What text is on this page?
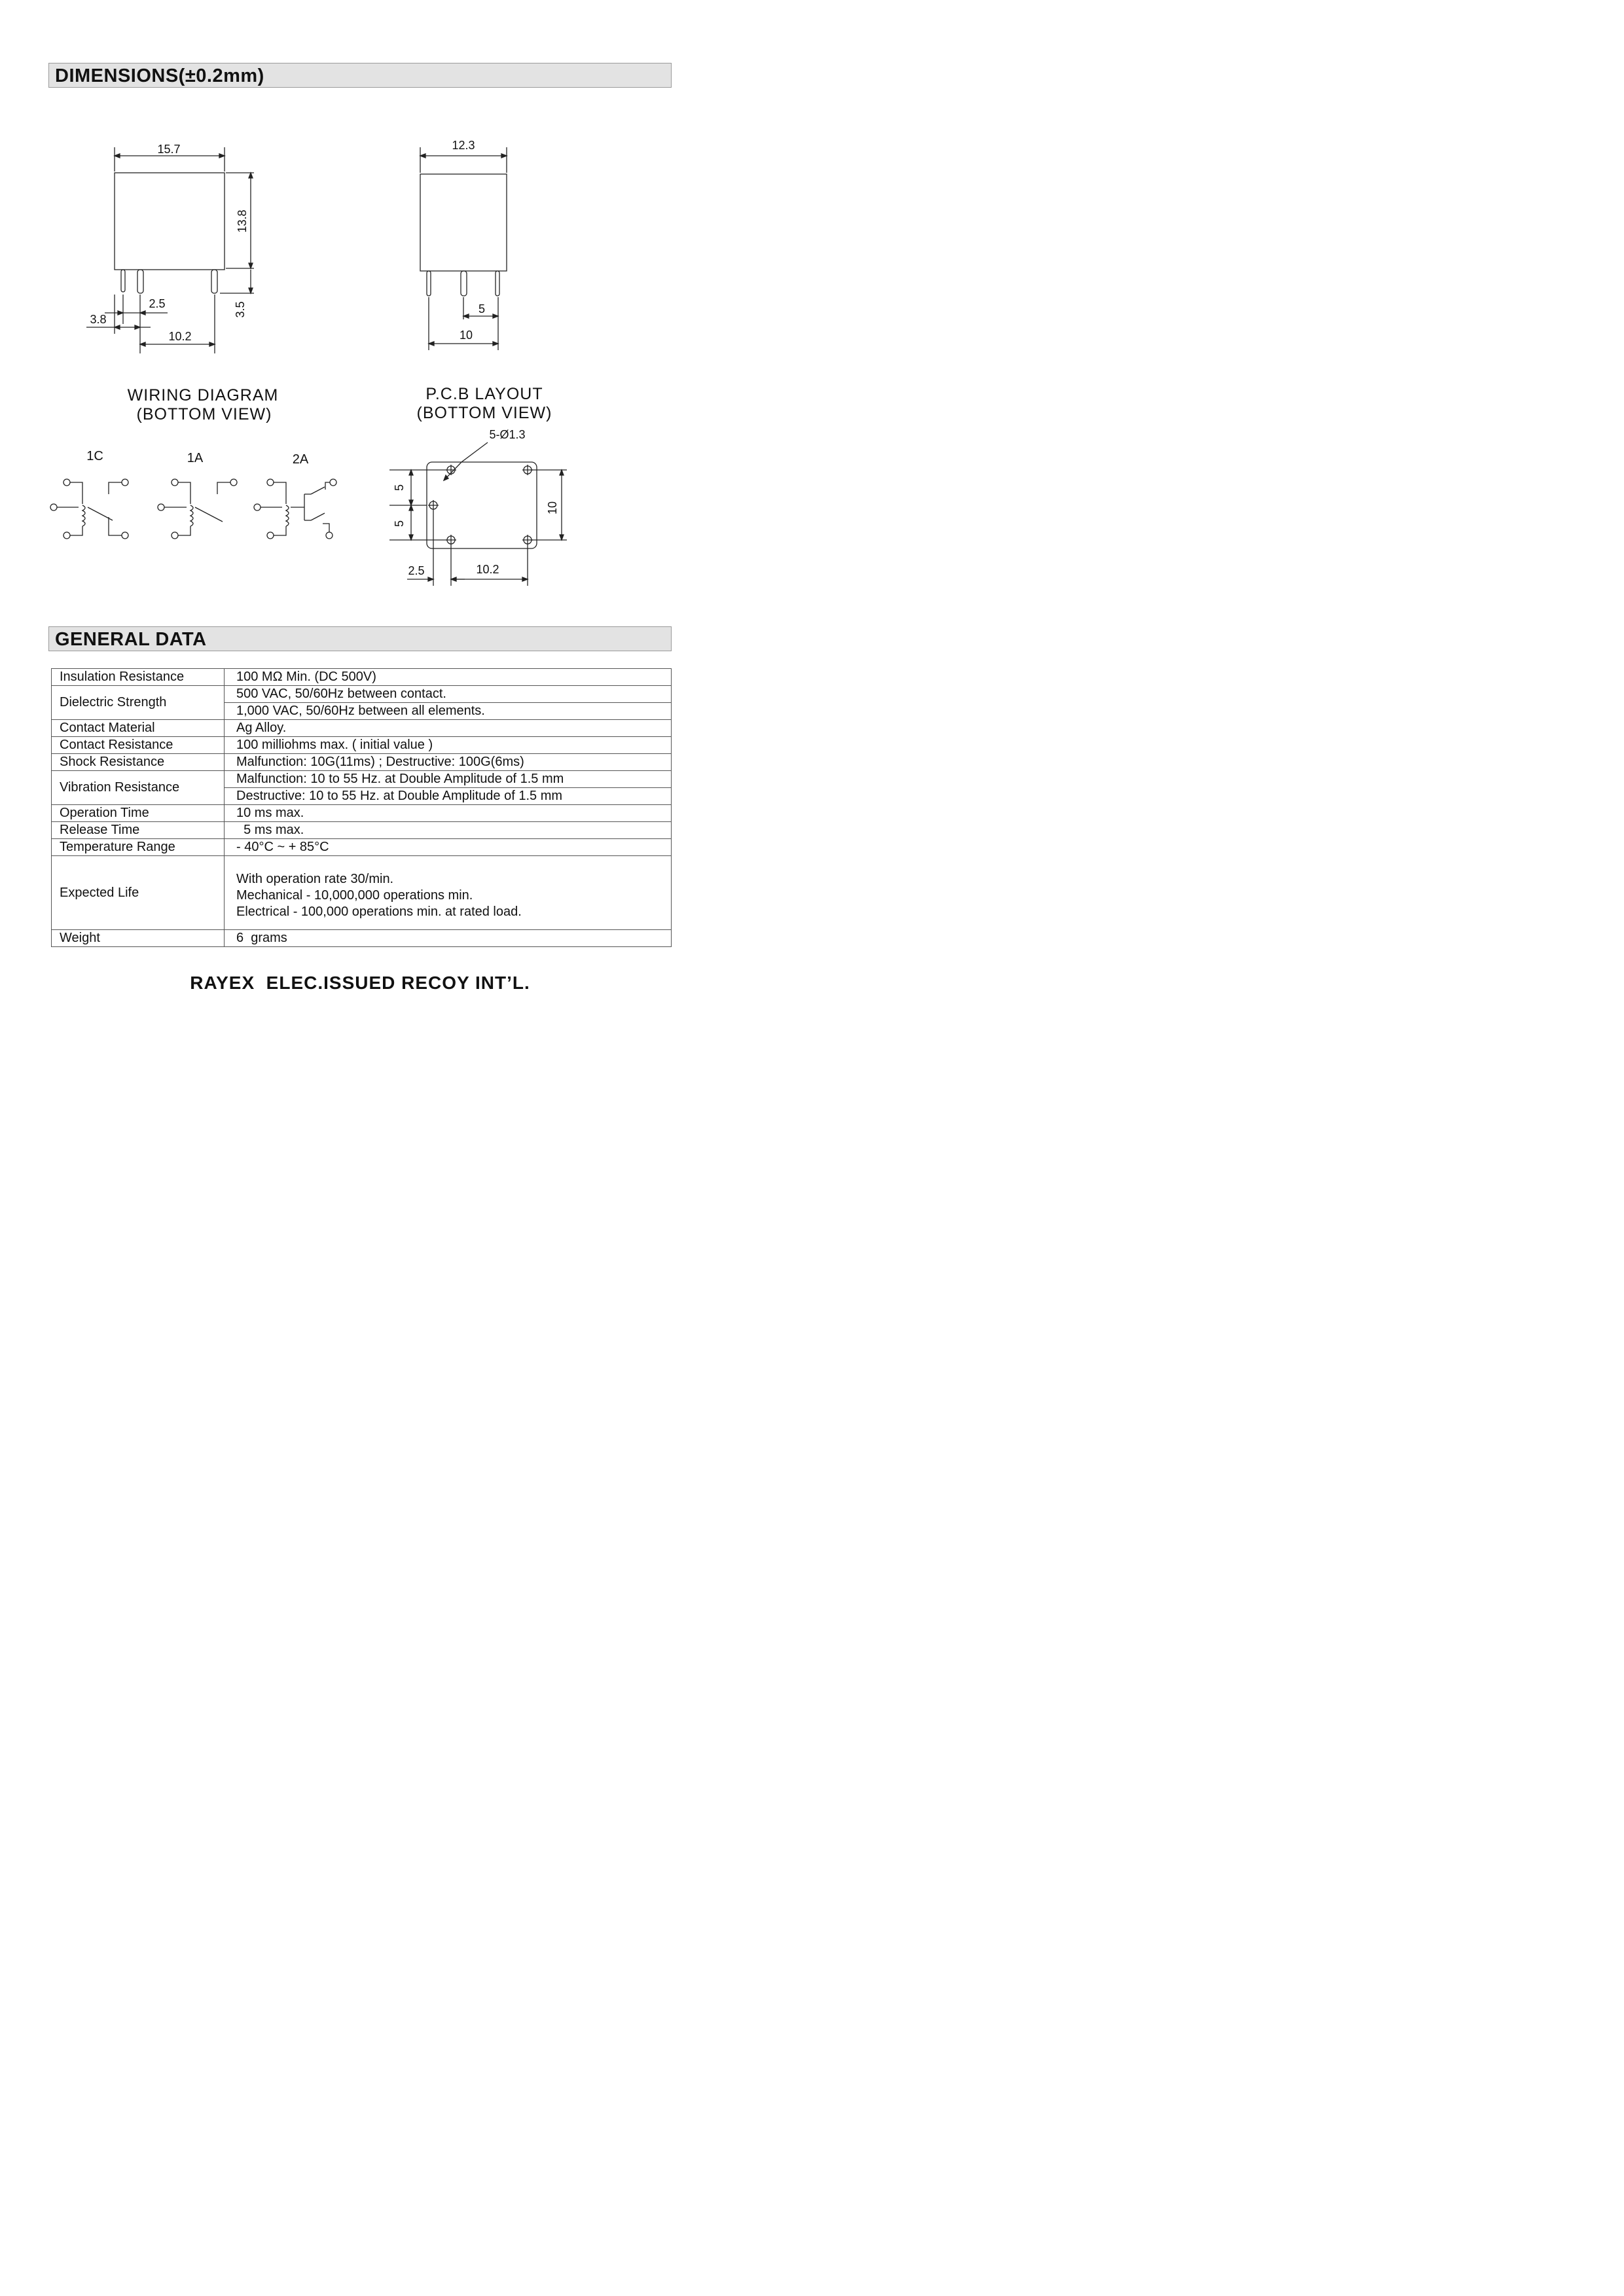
DIMENSIONS(±0.2mm)
15.7
13.8
3.5
2.5
3.8
10.2
12.3
5
10
WIRING DIAGRAM
(BOTTOM VIEW)
P.C.B LAYOUT
(BOTTOM VIEW)
1C	1A	2A
5-Ø1.3
5
5
10
2.5	10.2
GENERAL DATA
Insulation Resistance	100 MΩ Min. (DC 500V)
Dielectric Strength	500 VAC, 50/60Hz between contact.
	1,000 VAC, 50/60Hz between all elements.
Contact Material	Ag Alloy.
Contact Resistance	100 milliohms max. ( initial value )
Shock Resistance	Malfunction: 10G(11ms) ; Destructive: 100G(6ms)
Vibration Resistance	Malfunction: 10 to 55 Hz. at Double Amplitude of 1.5 mm
	Destructive: 10 to 55 Hz. at Double Amplitude of 1.5 mm
Operation Time	10 ms max.
Release Time	5 ms max.
Temperature Range	- 40°C ~ + 85°C
Expected Life	With operation rate 30/min.
Mechanical - 10,000,000 operations min.
Electrical - 100,000 operations min. at rated load.

Weight	6  grams
RAYEX  ELEC.ISSUED RECOY INT’L.
